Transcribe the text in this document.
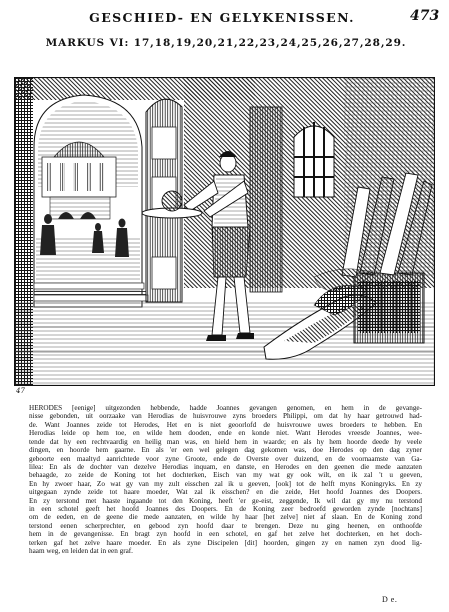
GESCHIED- EN GELYKENISSEN.	473
MARKUS VI: 17,18,19,20,21,22,23,24,25,26,27,28,29.
47
HERODES [eenige] uitgezonden hebbende, hadde Joannes gevangen genomen, en hem in de gevange-
nisse gebonden, uit oorzaake van Herodias de huisvrouwe zyns broeders Philippi, om dat hy haar getrouwd had-
de. Want Joannes zeide tot Herodes, Het en is niet geoorlofd de huisvrouwe uwes broeders te hebben. En
Herodias leide op hem toe, en wilde hem dooden, ende en konde niet. Want Herodes vreesde Joannes, wee-
tende dat hy een rechtvaardig en heilig man was, en hield hem in waarde; en als hy hem hoorde deede hy veele
dingen, en hoorde hem gaarne. En als 'er een wel gelegen dag gekomen was, doe Herodes op den dag zyner
geboorte een maaltyd aanrichtede voor zyne Groote, ende de Overste over duizend, en de voornaamste van Ga-
lilea: En als de dochter van dezelve Herodias inquam, en danste, en Herodes en den geenen die mede aanzaten
behaagde, zo zeide de Koning tot het dochterken, Eisch van my wat gy ook wilt, en ik zal 't u geeven,
En hy zwoer haar, Zo wat gy van my zult eisschen zal ik u geeven, [ook] tot de helft myns Koningryks. En zy
uitgegaan zynde zeide tot haare moeder, Wat zal ik eisschen? en die zeide, Het hoofd Joannes des Doopers.
En zy terstond met haaste ingaande tot den Koning, heeft 'er ge-eist, zeggende, Ik wil dat gy my nu terstond
in een schotel geeft het hoofd Joannes des Doopers. En de Koning zeer bedroefd geworden zynde [nochtans]
om de eeden, en de geene die mede aanzaten, en wilde hy haar [het zelve] niet af slaan. En de Koning zond
terstond eenen scherprechter, en gebood zyn hoofd daar te brengen. Deze nu ging heenen, en onthoofde
hem in de gevangenisse. En bragt zyn hoofd in een schotel, en gaf het zelve het dochterken, en het doch-
terken gaf het zelve haare moeder. En als zyne Discipelen [dit] hoorden, gingen zy en namen zyn dood lig-
haam weg, en leiden dat in een graf.
D e.
